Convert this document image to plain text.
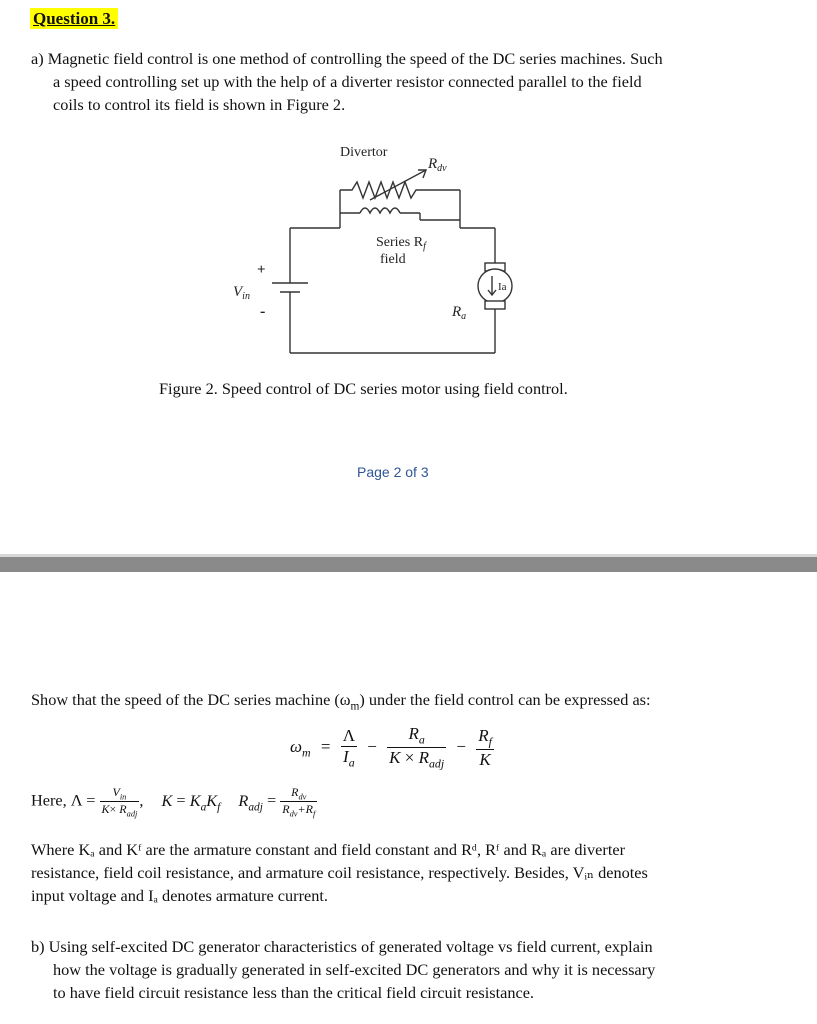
Question 3.
a) Magnetic field control is one method of controlling the speed of the DC series machines. Such
a speed controlling set up with the help of a diverter resistor connected parallel to the field
coils to control its field is shown in Figure 2.
Divertor
$R_{dv}$
Series $R_f$
field
$V_{in}$
+
-	$R_a$
Ia
Figure 2. Speed control of DC series motor using field control.
Page 2 of 3
Show that the speed of the DC series machine $(\omega_m)$ under the field control can be expressed as:
$\omega_m = \frac{\Lambda}{I_a} - \frac{R_a}{K \times R_{adj}} - \frac{R_f}{K}$
Here, $\Lambda = \frac{V_{in}}{K\times R_{adj}}$ , $K = K_aK_f$ $R_{adj} = \frac{R_{dv}}{R_{dv}+R_f}$
Where Kₐ and Kᶠ are the armature constant and field constant and Rᵈ, Rᶠ and Rₐ are diverter
resistance, field coil resistance, and armature coil resistance, respectively. Besides, Vᵢₙ denotes
input voltage and Iₐ denotes armature current.
b) Using self-excited DC generator characteristics of generated voltage vs field current, explain
how the voltage is gradually generated in self-excited DC generators and why it is necessary
to have field circuit resistance less than the critical field circuit resistance.
